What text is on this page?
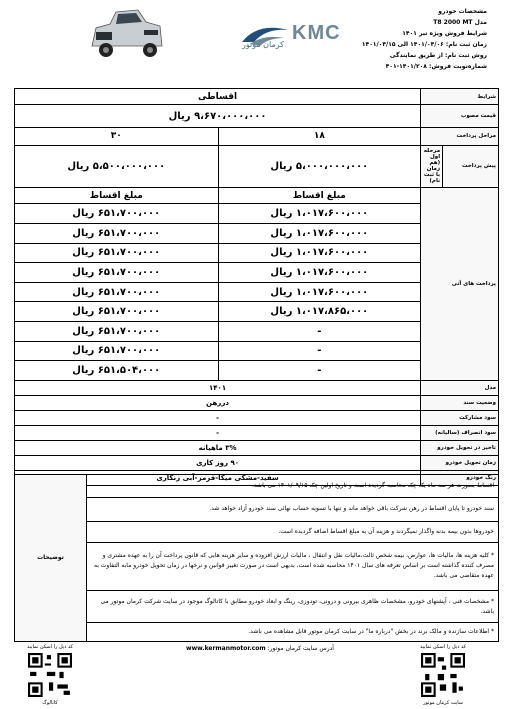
KMC
کرمان موتور
مشخصات خودرو
مدل T8 2000 MT
شرایط فروش ویژه تیر ۱۴۰۱
زمان ثبت نام: ۱۴۰۱/۰۴/۰۶ الی ۱۴۰۱/۰۴/۱۵
روش ثبت نام: از طریق نمایندگی
شماره‌نوبت فروش: ۱۴۰۱/۲۰۸-۴۰۱
شرایط		اقساطی	
قیمت مصوب		۹،۶۷۰،۰۰۰،۰۰۰ ریال	
مراحل پرداخت		۱۸	۳۰
پیش پرداخت	مرحله اول (هم زمان با ثبت نام)	۵،۰۰۰،۰۰۰،۰۰۰ ریال	۵،۵۰۰،۰۰۰،۰۰۰ ریال
پرداخت های آتی		مبلغ اقساط	مبلغ اقساط
		۱،۰۱۷،۶۰۰،۰۰۰ ریال	۶۵۱،۷۰۰،۰۰۰ ریال
		۱،۰۱۷،۶۰۰،۰۰۰ ریال	۶۵۱،۷۰۰،۰۰۰ ریال
		۱،۰۱۷،۶۰۰،۰۰۰ ریال	۶۵۱،۷۰۰،۰۰۰ ریال
		۱،۰۱۷،۶۰۰،۰۰۰ ریال	۶۵۱،۷۰۰،۰۰۰ ریال
		۱،۰۱۷،۶۰۰،۰۰۰ ریال	۶۵۱،۷۰۰،۰۰۰ ریال
		۱،۰۱۷،۸۶۵،۰۰۰ ریال	۶۵۱،۷۰۰،۰۰۰ ریال
		-	۶۵۱،۷۰۰،۰۰۰ ریال
		-	۶۵۱،۷۰۰،۰۰۰ ریال
		-	۶۵۱،۵۰۴،۰۰۰ ریال
مدل		۱۴۰۱	
وضعیت سند		دررهن	
سود مشارکت		-	
سود انصراف (سالیانه)		-	
تاخیر در تحویل خودرو		۳% ماهیانه	
زمان تحویل خودرو		۹۰ روز کاری	
رنگ خودرو		سفید-مشکی میکا-قرمز-آبی زنگاری	
اقساط بصورت هر سه ماه یک چک محاسبه گردیده است و تاریخ اولین چک ۱۴۰۱/۰۹/۱۵ می باشد.	توضیحات
سند خودرو تا پایان اقساط در رهن شرکت باقی خواهد ماند و تنها با تسویه حساب نهائی سند خودرو آزاد خواهد شد.
خودروها بدون بیمه بدنه واگذار نمیگردند و هزینه آن به مبلغ اقساط اضافه گردیده است.
* کلیه هزینه ها، مالیات ها، عوارض، بیمه شخص ثالث،مالیات نقل و انتقال ، مالیات ارزش افزوده و سایر هزینه هایی که قانون پرداخت آن را به عهده مشتری و مصرف کننده گذاشته است بر اساس تعرفه های سال ۱۴۰۱ محاسبه شده است، بدیهی است در صورت تغییر قوانین و نرخها در زمان تحویل خودرو مابه التفاوت به عهده متقاضی می باشد.
* مشخصات فنی ، آپشنهای خودرو، مشخصات ظاهری بیرونی و درونی، تودوزی، رینگ و ابعاد خودرو مطابق با کاتالوگ موجود در سایت شرکت کرمان موتور می باشد.
* اطلاعات سازنده و مالک برند در بخش "درباره ما" در سایت کرمان موتور قابل مشاهده می باشد.
کد ذیل را اسکن نمایید
کاتالوگ
آدرس سایت کرمان موتور: www.kermanmotor.com	کد ذیل را اسکن نمایید
سایت کرمان موتور
